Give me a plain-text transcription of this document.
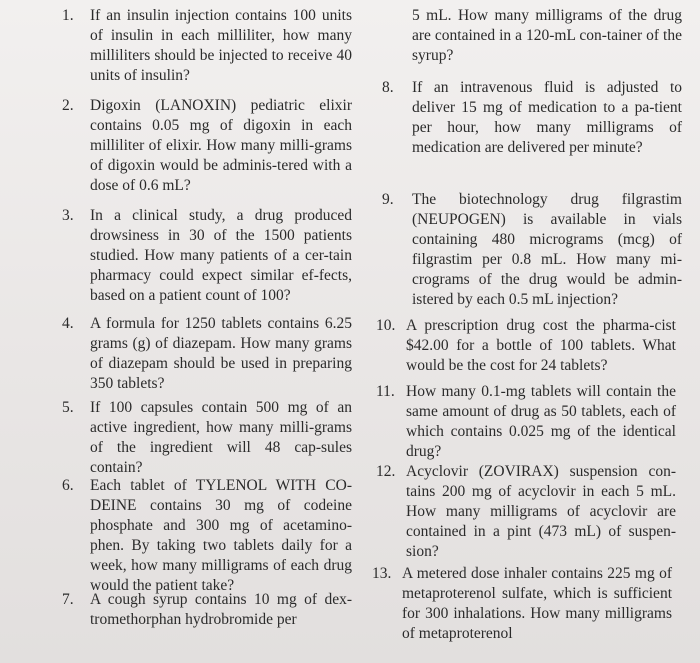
1.	If an insulin injection contains 100 units of insulin in each milliliter, how many milliliters should be injected to receive 40 units of insulin?
2.	Digoxin (LANOXIN) pediatric elixir contains 0.05 mg of digoxin in each milliliter of elixir. How many milli-grams of digoxin would be adminis-tered with a dose of 0.6 mL?
3.	In a clinical study, a drug produced drowsiness in 30 of the 1500 patients studied. How many patients of a cer-tain pharmacy could expect similar ef-fects, based on a patient count of 100?
4.	A formula for 1250 tablets contains 6.25 grams (g) of diazepam. How many grams of diazepam should be used in preparing 350 tablets?
5.	If 100 capsules contain 500 mg of an active ingredient, how many milli-grams of the ingredient will 48 cap-sules contain?
6.	Each tablet of TYLENOL WITH CO-DEINE contains 30 mg of codeine phosphate and 300 mg of acetamino-phen. By taking two tablets daily for a week, how many milligrams of each drug would the patient take?
7.	A cough syrup contains 10 mg of dex-tromethorphan hydrobromide per
5 mL. How many milligrams of the drug are contained in a 120-mL con-tainer of the syrup?
8.	If an intravenous fluid is adjusted to deliver 15 mg of medication to a pa-tient per hour, how many milligrams of medication are delivered per minute?
9.	The biotechnology drug filgrastim (NEUPOGEN) is available in vials containing 480 micrograms (mcg) of filgrastim per 0.8 mL. How many mi-crograms of the drug would be admin-istered by each 0.5 mL injection?
10. A prescription drug cost the pharma-cist $42.00 for a bottle of 100 tablets. What would be the cost for 24 tablets?
11. How many 0.1-mg tablets will contain the same amount of drug as 50 tablets, each of which contains 0.025 mg of the identical drug?
12. Acyclovir (ZOVIRAX) suspension con-tains 200 mg of acyclovir in each 5 mL. How many milligrams of acyclovir are contained in a pint (473 mL) of suspen-sion?
13. A metered dose inhaler contains 225 mg of metaproterenol sulfate, which is sufficient for 300 inhalations. How many milligrams of metaproterenol
